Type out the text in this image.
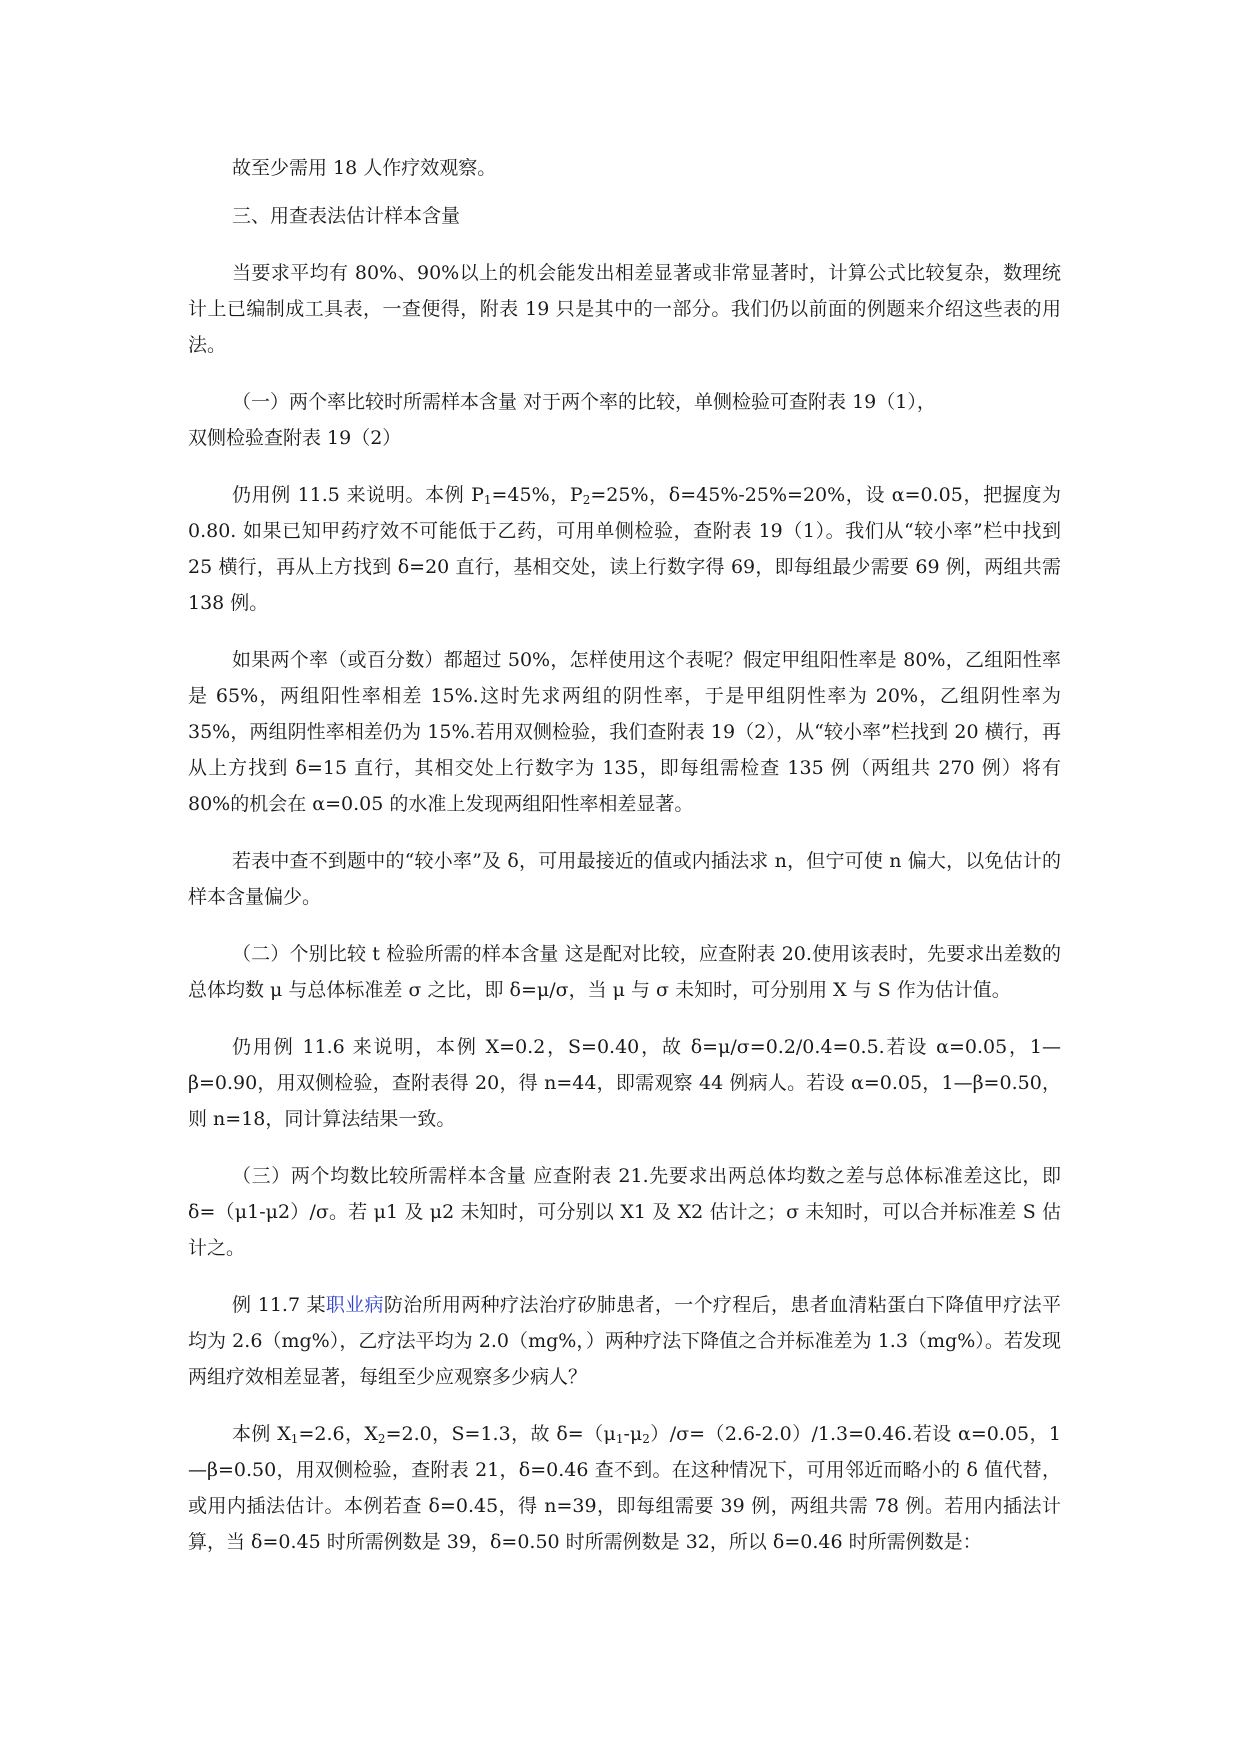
故至少需用 18 人作疗效观察。

三、用查表法估计样本含量

当要求平均有 80%、90%以上的机会能发出相差显著或非常显著时，计算公式比较复杂，数理统计上已编制成工具表，一查便得，附表 19 只是其中的一部分。我们仍以前面的例题来介绍这些表的用法。

（一）两个率比较时所需样本含量 对于两个率的比较，单侧检验可查附表 19（1），

双侧检验查附表 19（2）

仍用例 11.5 来说明。本例 $P_1=45\%$，$P_2=25\%$，δ=45%-25%=20%，设 α=0.05，把握度为 0.80. 如果已知甲药疗效不可能低于乙药，可用单侧检验，查附表 19（1）。我们从“较小率”栏中找到 25 横行，再从上方找到 δ=20 直行，基相交处，读上行数字得 69，即每组最少需要 69 例，两组共需 138 例。

如果两个率（或百分数）都超过 50%，怎样使用这个表呢？假定甲组阳性率是 80%，乙组阳性率是 65%，两组阳性率相差 15%.这时先求两组的阴性率，于是甲组阴性率为 20%，乙组阴性率为 35%，两组阴性率相差仍为 15%.若用双侧检验，我们查附表 19（2），从“较小率”栏找到 20 横行，再从上方找到 δ=15 直行，其相交处上行数字为 135，即每组需检查 135 例（两组共 270 例）将有 80%的机会在 α=0.05 的水准上发现两组阳性率相差显著。

若表中查不到题中的“较小率”及 δ，可用最接近的值或内插法求 n，但宁可使 n 偏大，以免估计的样本含量偏少。

（二）个别比较 t 检验所需的样本含量 这是配对比较，应查附表 20.使用该表时，先要求出差数的总体均数 μ 与总体标准差 σ 之比，即 δ=μ/σ，当 μ 与 σ 未知时，可分别用 X 与 S 作为估计值。

仍用例 11.6 来说明，本例 X=0.2，S=0.40，故 δ=μ/σ=0.2/0.4=0.5.若设 α=0.05，1—β=0.90，用双侧检验，查附表得 20，得 n=44，即需观察 44 例病人。若设 α=0.05，1—β=0.50，则 n=18，同计算法结果一致。

（三）两个均数比较所需样本含量 应查附表 21.先要求出两总体均数之差与总体标准差这比，即 δ=（μ1-μ2）/σ。若 μ1 及 μ2 未知时，可分别以 X1 及 X2 估计之；σ 未知时，可以合并标准差 S 估计之。

例 11.7 某职业病防治所用两种疗法治疗矽肺患者，一个疗程后，患者血清粘蛋白下降值甲疗法平均为 2.6（mg%），乙疗法平均为 2.0（mg%，）两种疗法下降值之合并标准差为 1.3（mg%）。若发现两组疗效相差显著，每组至少应观察多少病人？

本例 $X_1=2.6$，$X_2=2.0$，S=1.3，故 $\delta=(\mu_1-\mu_2)/\sigma=(2.6-2.0)/1.3=0.46$.若设 α=0.05，1—β=0.50，用双侧检验，查附表 21，δ=0.46 查不到。在这种情况下，可用邻近而略小的 δ 值代替，或用内插法估计。本例若查 δ=0.45，得 n=39，即每组需要 39 例，两组共需 78 例。若用内插法计算，当 δ=0.45 时所需例数是 39，δ=0.50 时所需例数是 32，所以 δ=0.46 时所需例数是：
